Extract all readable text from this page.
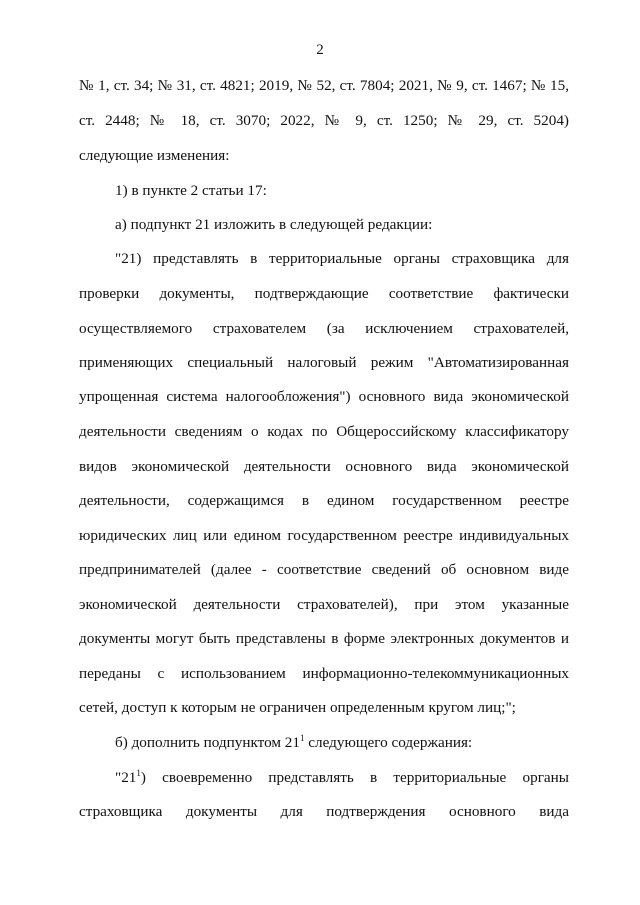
2
№ 1, ст. 34; № 31, ст. 4821; 2019, № 52, ст. 7804; 2021, № 9, ст. 1467; № 15,
ст. 2448; № 18, ст. 3070; 2022, № 9, ст. 1250; № 29, ст. 5204)
следующие изменения:
1) в пункте 2 статьи 17:
а) подпункт 21 изложить в следующей редакции:
"21) представлять в территориальные органы страховщика для
проверки документы, подтверждающие соответствие фактически
осуществляемого страхователем (за исключением страхователей,
применяющих специальный налоговый режим "Автоматизированная
упрощенная система налогообложения") основного вида экономической
деятельности сведениям о кодах по Общероссийскому классификатору
видов экономической деятельности основного вида экономической
деятельности, содержащимся в едином государственном реестре
юридических лиц или едином государственном реестре индивидуальных
предпринимателей (далее - соответствие сведений об основном виде
экономической деятельности страхователей), при этом указанные
документы могут быть представлены в форме электронных документов и
переданы с использованием информационно-телекоммуникационных
сетей, доступ к которым не ограничен определенным кругом лиц;";
б) дополнить подпунктом $21^1$ следующего содержания:
"$21^1$) своевременно представлять в территориальные органы
страховщика документы для подтверждения основного вида
